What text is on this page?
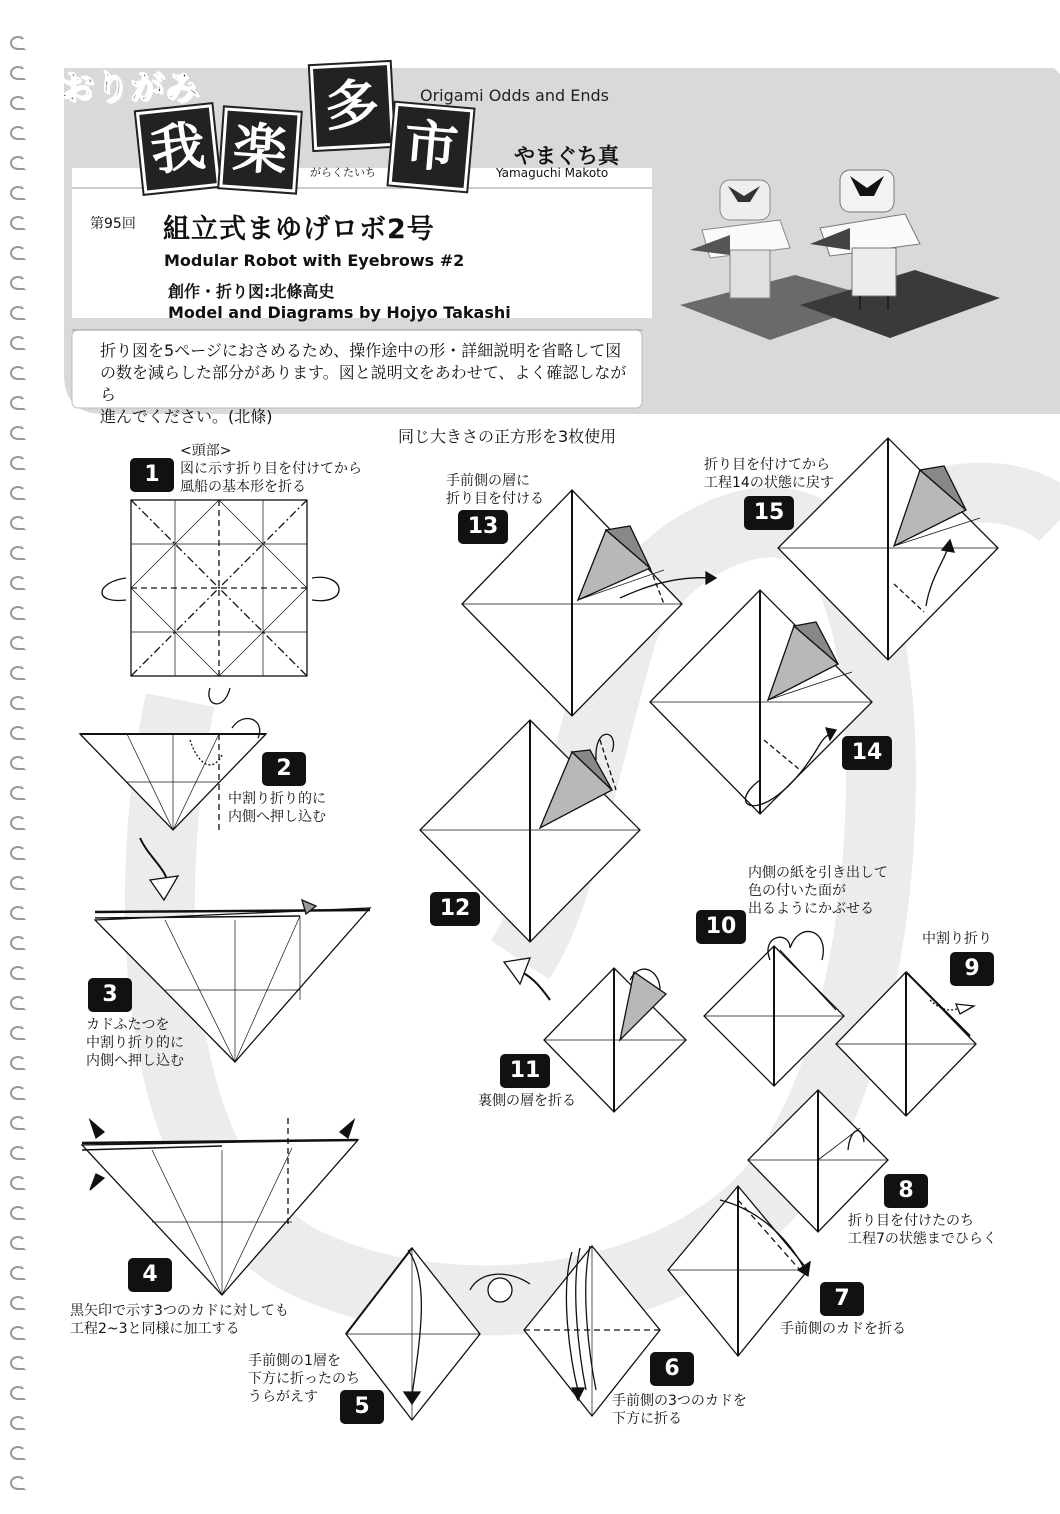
おりがみ
我 楽
多
市
がらくたいち
Origami Odds and Ends
やまぐち真
Yamaguchi Makoto
第95回 組立式まゆげロボ2号
Modular Robot with Eyebrows #2
創作・折り図:北條高史
Model and Diagrams by Hojyo Takashi
折り図を5ページにおさめるため、操作途中の形・詳細説明を省略して図
の数を減らした部分があります。図と説明文をあわせて、よく確認しながら
進んでください。(北條)
同じ大きさの正方形を3枚使用
1
2
3
4
5
6
7
8
9
10
11
12
13
14
15
<頭部>
図に示す折り目を付けてから
風船の基本形を折る
中割り折り的に
内側へ押し込む
カドふたつを
中割り折り的に
内側へ押し込む
黒矢印で示す3つのカドに対しても
工程2~3と同様に加工する
手前側の1層を
下方に折ったのち
うらがえす	手前側の3つのカドを
下方に折る
手前側のカドを折る
折り目を付けたのち
工程7の状態までひらく
中割り折り
内側の紙を引き出して
色の付いた面が
出るようにかぶせる
裏側の層を折る
手前側の層に
折り目を付ける
折り目を付けてから
工程14の状態に戻す
